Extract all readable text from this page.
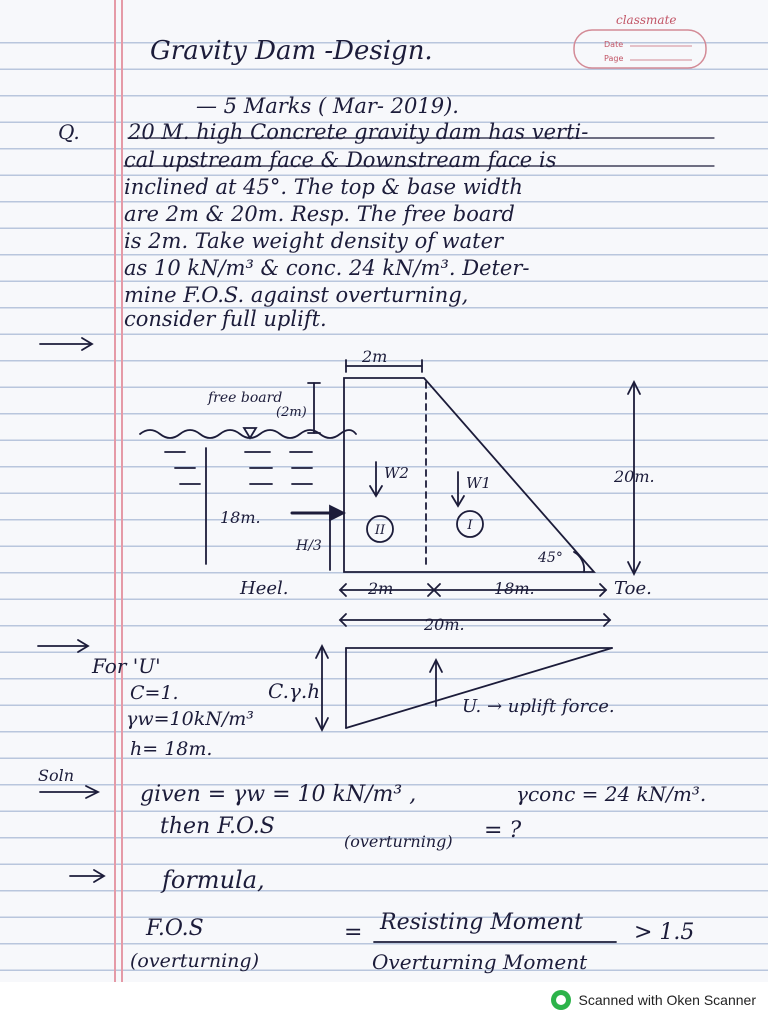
classmate
Date
Page
Gravity Dam -Design.
— 5 Marks ( Mar- 2019).
Q. 20 M. high Concrete gravity dam has verti-
cal upstream face & Downstream face is
inclined at 45°. The top & base width
are 2m & 20m. Resp. The free board
is 2m. Take weight density of water
as 10 kN/m³ & conc. 24 kN/m³. Deter-
mine F.O.S. against overturning,
consider full uplift.
2m
free board
(2m)
20m.
18m.
H/3
W2
W1
II	I
45°
Heel.	2m	18m.	Toe.
20m.
C.γ.h
U. → uplift force.
For 'U'
C=1.
γw=10kN/m³
h= 18m.
Soln
given = γw = 10 kN/m³ ,	γconc = 24 kN/m³.
then F.O.S
(overturning) = ?
formula,
F.O.S	= Resisting Moment > 1.5
(overturning)	Overturning Moment
Scanned with Oken Scanner
